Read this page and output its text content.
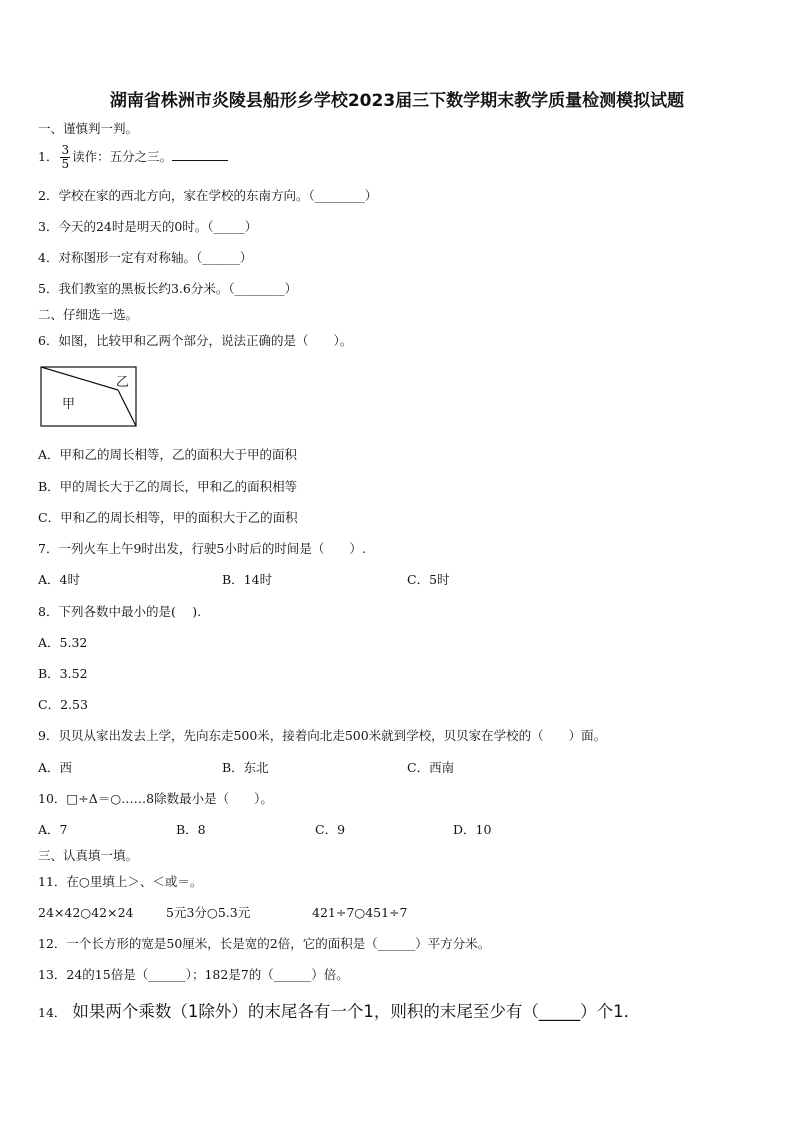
湖南省株洲市炎陵县船形乡学校2023届三下数学期末教学质量检测模拟试题
一、谨慎判一判。
1． $\frac{3}{5}$ 读作：五分之三。
2．学校在家的西北方向，家在学校的东南方向。（________）
3．今天的24时是明天的0时。（_____）
4．对称图形一定有对称轴。（______）
5．我们教室的黑板长约3.6分米。（________）
二、仔细选一选。
6．如图，比较甲和乙两个部分，说法正确的是（　　）。
乙
甲
A．甲和乙的周长相等，乙的面积大于甲的面积
B．甲的周长大于乙的周长，甲和乙的面积相等
C．甲和乙的周长相等，甲的面积大于乙的面积
7．一列火车上午9时出发，行驶5小时后的时间是（　　）.
A．4时	B．14时	C．5时
8．下列各数中最小的是(　 ).
A．5.32
B．3.52
C．2.53
9．贝贝从家出发去上学，先向东走500米，接着向北走500米就到学校，贝贝家在学校的（　　）面。
A．西	B．东北	C．西南
10．□÷Δ＝○……8除数最小是（　　）。
A．7	B．8	C．9	D．10
三、认真填一填。
11．在○里填上＞、＜或＝。
24×42○42×24	5元3分○5.3元	421÷7○451÷7
12．一个长方形的宽是50厘米，长是宽的2倍，它的面积是（______）平方分米。
13．24的15倍是（______）；182是7的（______）倍。
14． 如果两个乘数（1除外）的末尾各有一个1，则积的末尾至少有（_____）个1．
